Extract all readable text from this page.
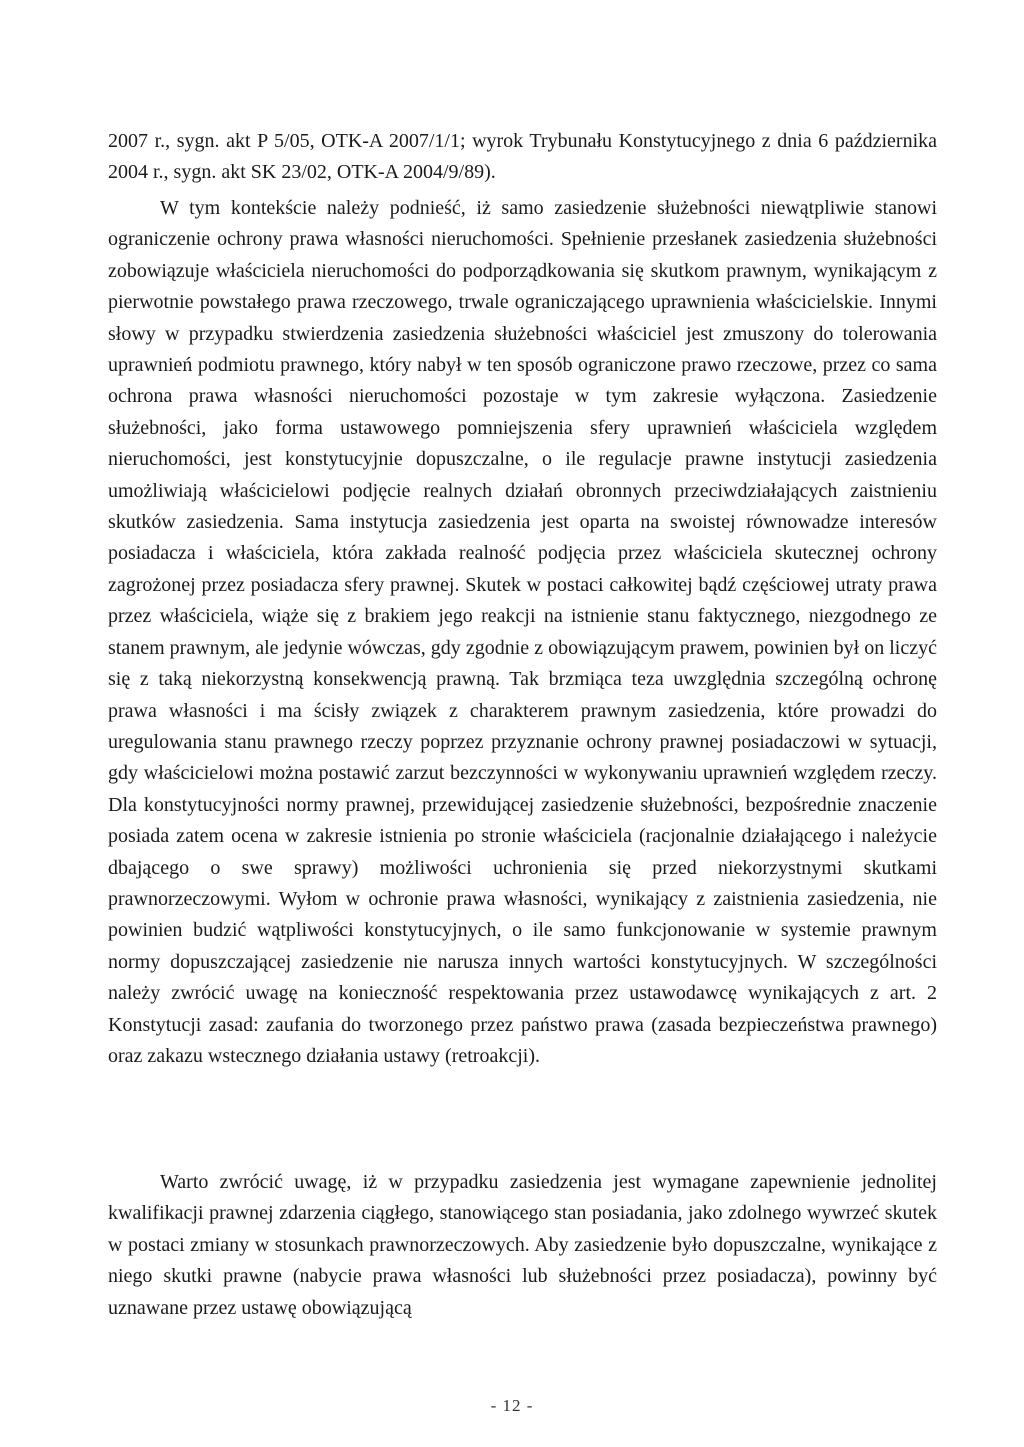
2007 r., sygn. akt P 5/05, OTK-A 2007/1/1; wyrok Trybunału Konstytucyjnego z dnia 6 października 2004 r., sygn. akt SK 23/02, OTK-A 2004/9/89).
W tym kontekście należy podnieść, iż samo zasiedzenie służebności niewątpliwie stanowi ograniczenie ochrony prawa własności nieruchomości. Spełnienie przesłanek zasiedzenia służebności zobowiązuje właściciela nieruchomości do podporządkowania się skutkom prawnym, wynikającym z pierwotnie powstałego prawa rzeczowego, trwale ograniczającego uprawnienia właścicielskie. Innymi słowy w przypadku stwierdzenia zasiedzenia służebności właściciel jest zmuszony do tolerowania uprawnień podmiotu prawnego, który nabył w ten sposób ograniczone prawo rzeczowe, przez co sama ochrona prawa własności nieruchomości pozostaje w tym zakresie wyłączona. Zasiedzenie służebności, jako forma ustawowego pomniejszenia sfery uprawnień właściciela względem nieruchomości, jest konstytucyjnie dopuszczalne, o ile regulacje prawne instytucji zasiedzenia umożliwiają właścicielowi podjęcie realnych działań obronnych przeciwdziałających zaistnieniu skutków zasiedzenia. Sama instytucja zasiedzenia jest oparta na swoistej równowadze interesów posiadacza i właściciela, która zakłada realność podjęcia przez właściciela skutecznej ochrony zagrożonej przez posiadacza sfery prawnej. Skutek w postaci całkowitej bądź częściowej utraty prawa przez właściciela, wiąże się z brakiem jego reakcji na istnienie stanu faktycznego, niezgodnego ze stanem prawnym, ale jedynie wówczas, gdy zgodnie z obowiązującym prawem, powinien był on liczyć się z taką niekorzystną konsekwencją prawną. Tak brzmiąca teza uwzględnia szczególną ochronę prawa własności i ma ścisły związek z charakterem prawnym zasiedzenia, które prowadzi do uregulowania stanu prawnego rzeczy poprzez przyznanie ochrony prawnej posiadaczowi w sytuacji, gdy właścicielowi można postawić zarzut bezczynności w wykonywaniu uprawnień względem rzeczy. Dla konstytucyjności normy prawnej, przewidującej zasiedzenie służebności, bezpośrednie znaczenie posiada zatem ocena w zakresie istnienia po stronie właściciela (racjonalnie działającego i należycie dbającego o swe sprawy) możliwości uchronienia się przed niekorzystnymi skutkami prawnorzeczowymi. Wyłom w ochronie prawa własności, wynikający z zaistnienia zasiedzenia, nie powinien budzić wątpliwości konstytucyjnych, o ile samo funkcjonowanie w systemie prawnym normy dopuszczającej zasiedzenie nie narusza innych wartości konstytucyjnych. W szczególności należy zwrócić uwagę na konieczność respektowania przez ustawodawcę wynikających z art. 2 Konstytucji zasad: zaufania do tworzonego przez państwo prawa (zasada bezpieczeństwa prawnego) oraz zakazu wstecznego działania ustawy (retroakcji).
Warto zwrócić uwagę, iż w przypadku zasiedzenia jest wymagane zapewnienie jednolitej kwalifikacji prawnej zdarzenia ciągłego, stanowiącego stan posiadania, jako zdolnego wywrzeć skutek w postaci zmiany w stosunkach prawnorzeczowych. Aby zasiedzenie było dopuszczalne, wynikające z niego skutki prawne (nabycie prawa własności lub służebności przez posiadacza), powinny być uznawane przez ustawę obowiązującą
- 12 -
